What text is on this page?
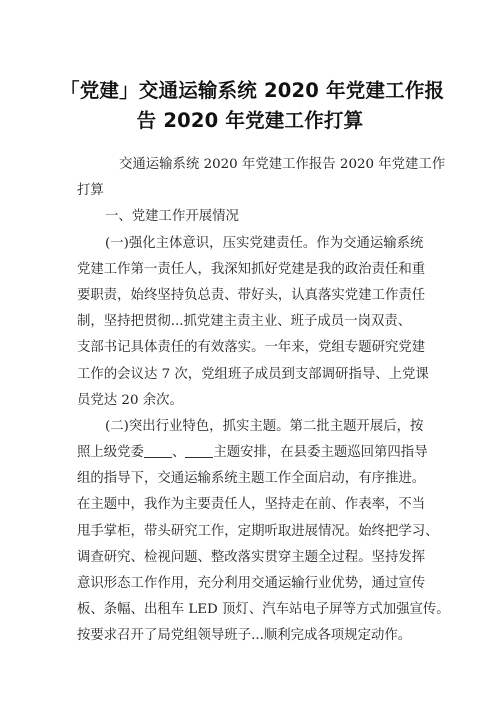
「党建」交通运输系统 2020 年党建工作报
告 2020 年党建工作打算
交通运输系统 2020 年党建工作报告 2020 年党建工作
打算
一、党建工作开展情况
(一)强化主体意识，压实党建责任。作为交通运输系统
党建工作第一责任人，我深知抓好党建是我的政治责任和重
要职责，始终坚持负总责、带好头，认真落实党建工作责任
制，坚持把贯彻...抓党建主责主业、班子成员一岗双责、
支部书记具体责任的有效落实。一年来，党组专题研究党建
工作的会议达 7 次，党组班子成员到支部调研指导、上党课
员党达 20 余次。
(二)突出行业特色，抓实主题。第二批主题开展后，按
照上级党委 、 主题安排，在县委主题巡回第四指导
组的指导下，交通运输系统主题工作全面启动，有序推进。
在主题中，我作为主要责任人，坚持走在前、作表率，不当
甩手掌柜，带头研究工作，定期听取进展情况。始终把学习、
调查研究、检视问题、整改落实贯穿主题全过程。坚持发挥
意识形态工作作用，充分利用交通运输行业优势，通过宣传
板、条幅、出租车 LED 顶灯、汽车站电子屏等方式加强宣传。
按要求召开了局党组领导班子...顺利完成各项规定动作。
